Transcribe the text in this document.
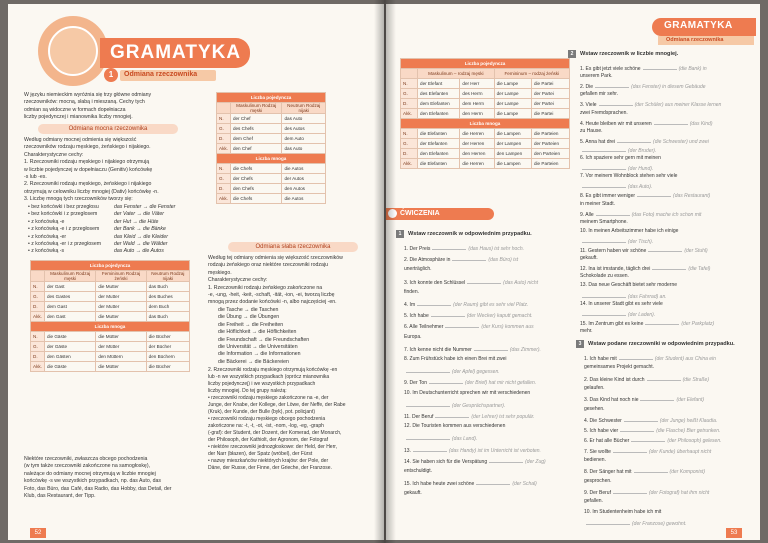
GRAMATYKA
1	Odmiana rzeczownika
W języku niemieckim wyróżnia się trzy główne odmiany
rzeczowników: mocną, słabą i mieszaną. Cechy tych
odmian są widoczne w formach dopełniacza
liczby pojedynczej i mianownika liczby mnogiej.
Odmiana mocna rzeczownika
Według odmiany mocnej odmienia się większość
rzeczowników rodzaju męskiego, żeńskiego i nijakiego.
Charakterystyczne cechy:
1. Rzeczowniki rodzaju męskiego i nijakiego otrzymują
w liczbie pojedynczej w dopełniaczu (Genitiv) końcówkę
-s lub -es.
2. Rzeczowniki rodzaju męskiego, żeńskiego i nijakiego
otrzymują w celowniku liczby mnogiej (Dativ) końcówkę -n.
3. Liczbę mnogą tych rzeczowników tworzy się:
• bez końcówki i bez przegłosu	das Fenster → die Fenster
• bez końcówki i z przegłosem	der Vater → die Väter
• z końcówką -e	der Hut → die Hüte
• z końcówką -e i z przegłosem	der Bank → die Bänke
• z końcówką -er	das Kleid → die Kleider
• z końcówką -er i z przegłosem	der Wald → die Wälder
• z końcówką -s	das Auto → die Autos
Liczba pojedyncza			
	Maskulinum Rodzaj męski	Femininum Rodzaj żeński	Neutrum Rodzaj nijaki
N.	der Gast	die Mutter	das Buch
G.	des Gastes	der Mutter	des Buches
D.	dem Gast	der Mutter	dem Buch
Akk.	den Gast	die Mutter	das Buch
Liczba mnoga			
N.	die Gäste	die Mütter	die Bücher
G.	der Gäste	der Mütter	der Bücher
D.	den Gästen	den Müttern	den Büchern
Akk.	die Gäste	die Mütter	die Bücher
Niektóre rzeczowniki, zwłaszcza obcego pochodzenia
(w tym także rzeczowniki zakończone na samogłoskę),
należące do odmiany mocnej otrzymują w liczbie mnogiej
końcówkę -s we wszystkich przypadkach, np. das Auto, das
Foto, das Büro, das Café, das Radio, das Hobby, das Detail, der
Klub, das Restaurant, der Tipp.
Liczba pojedyncza		
	Maskulinum Rodzaj męski	Neutrum Rodzaj nijaki
N.	der Chef	das Auto
G.	des Chefs	des Autos
D.	dem Chef	dem Auto
Akk.	den Chef	das Auto
Liczba mnoga		
N.	die Chefs	die Autos
G.	der Chefs	der Autos
D.	den Chefs	den Autos
Akk.	die Chefs	die Autos
Odmiana słaba rzeczownika
Według tej odmiany odmienia się większość rzeczowników
rodzaju żeńskiego oraz niektóre rzeczowniki rodzaju
męskiego.
Charakterystyczne cechy:
1. Rzeczowniki rodzaju żeńskiego zakończone na
-e, -ung, -heit, -keit, -schaft, -ität, -ion, -ei, tworzą liczbę
mnogą przez dodanie końcówki -n, albo najczęściej -en.
die Tasche → die Taschen
die Übung → die Übungen
die Freiheit → die Freiheiten
die Höflichkeit → die Höflichkeiten
die Freundschaft → die Freundschaften
die Universität → die Universitäten
die Information → die Informationen
die Bäckerei → die Bäckereien
2. Rzeczowniki rodzaju męskiego otrzymują końcówkę -en
lub -n we wszystkich przypadkach (oprócz mianownika
liczby pojedynczej) i we wszystkich przypadkach
liczby mnogiej. Do tej grupy należą:
• rzeczowniki rodzaju męskiego zakończone na -e, der
Junge, der Knabe, der Kollege, der Löwe, der Neffe, der Rabe
(Kruk), der Kunde, der Bulle (byk), pot. policjant)
• rzeczowniki rodzaju męskiego obcego pochodzenia
zakończone na: -t, -t, -ot, -ist, -nom, -log, -eg, -graph
(-graf): der Student, der Dozent, der Komerad, der Monarch,
der Philosoph, der Kathiolt, der Agronom, der Fotograf
• niektóre rzeczowniki jednozgłoskowe: der Held, der Herr,
der Narr (błazen), der Spatz (wróbel), der Fürst
• nazwy mieszkańców niektórych krajów: der Pole, der
Däne, der Russe, der Finne, der Grieche, der Franzose.
52
GRAMATYKA
Odmiana rzeczownika
Liczba pojedyncza				
	Maskulinum – rodzaj męski		Femininum – rodzaj żeński	
N.	der Elefant	der Herr	die Lampe	die Partei
G.	des Elefanten	des Herrn	der Lampe	der Partei
D.	dem Elefanten	dem Herrn	der Lampe	der Partei
Akk.	den Elefanten	den Herrn	die Lampe	die Partei
Liczba mnoga				
N.	die Elefanten	die Herren	die Lampen	die Parteien
G.	der Elefanten	der Herren	der Lampen	der Parteien
D.	den Elefanten	den Herren	den Lampen	den Parteien
Akk.	die Elefanten	die Herren	die Lampen	die Parteien
ĆWICZENIA
1	Wstaw rzeczownik w odpowiednim przypadku.
1. Der Preis	(das Haus) ist sehr hoch.
2. Die Atmosphäre in	(das Büro) ist
unerträglich.
3. Ich konnte den Schlüssel	(das Auto) nicht
finden.
4. Im	(der Raum) gibt es sehr viel Platz.
5. Ich habe	(der Wecker) kaputt gemacht.
6. Alle Teilnehmer	(der Kurs) kommen aus
Europa.
7. Ich kenne nicht die Nummer	(das Zimmer).
8. Zum Frühstück habe ich einen Brei mit zwei
(der Apfel) gegessen.
9. Der Ton	(der Brief) hat mir nicht gefallen.
10. Im Deutschunterricht sprechen wir mit verschiedenen
(der Gesprächspartner).
11. Der Beruf	(der Lehrer) ist sehr populär.
12. Die Touristen kommen aus verschiedenen
(das Land).
13.	(das Handy) ist im Unterricht ist verboten.
14. Sie haben sich für die Verspätung	(der Zug)
entschuldigt.
15. Ich habe heute zwei schöne	(der Schal)
gekauft.
2	Wstaw rzeczownik w liczbie mnogiej.
1. Es gibt jetzt viele schöne	(die Bank) in
unserem Park.
2. Die	(das Fenster) in diesem Gebäude
gefallen mir sehr.
3. Viele	(der Schüler) aus meiner Klasse lernen
zwei Fremdsprachen.
4. Heute bleiben wir mit unseren	(das Kind)
zu Hause.
5. Anna hat drei	(die Schwester) und zwei
(der Bruder).
6. Ich spaziere sehr gern mit meinen
(der Hund).
7. Vor meinem Wohnblock stehen sehr viele
(das Auto).
8. Es gibt immer weniger	(das Restaurant)
in meiner Stadt.
9. Alle	(das Foto) mache ich schon mit
meinem Smartphone.
10. In meinen Arbeitszimmer habe ich einige
(der Tisch).
11. Gestern haben wir schöne	(der Stuhl)
gekauft.
12. Ina ist imstande, täglich drei	(die Tafel)
Schokolade zu essen.
13. Das neue Geschäft bietet sehr moderne
(das Fahrrad) an.
14. In unserer Stadt gibt es sehr viele
(der Laden).
15. Im Zentrum gibt es keine	(der Parkplatz)
mehr.
3	Wstaw podane rzeczowniki w odpowiednim przypadku.
1. Ich habe mit	(der Student) aus China ein
gemeinsames Projekt gemacht.
2. Das kleine Kind ist durch	(die Straße)
gelaufen.
3. Das Kind hat noch nie	(der Elefant)
gesehen.
4. Die Schwester	(der Junge) heißt Klaudia.
5. Ich habe vier	(die Flasche) Bier getrunken.
6. Er hat alle Bücher	(der Philosoph) gelesen.
7. Sie wollte	(der Kunde) überhaupt nicht
bedienen.
8. Der Sänger hat mit	(der Komponist)
gesprochen.
9. Der Beruf	(der Fotograf) hat ihm nicht
gefallen.
10. Im Studentenheim habe ich mit
(der Franzose) gewohnt.
53
